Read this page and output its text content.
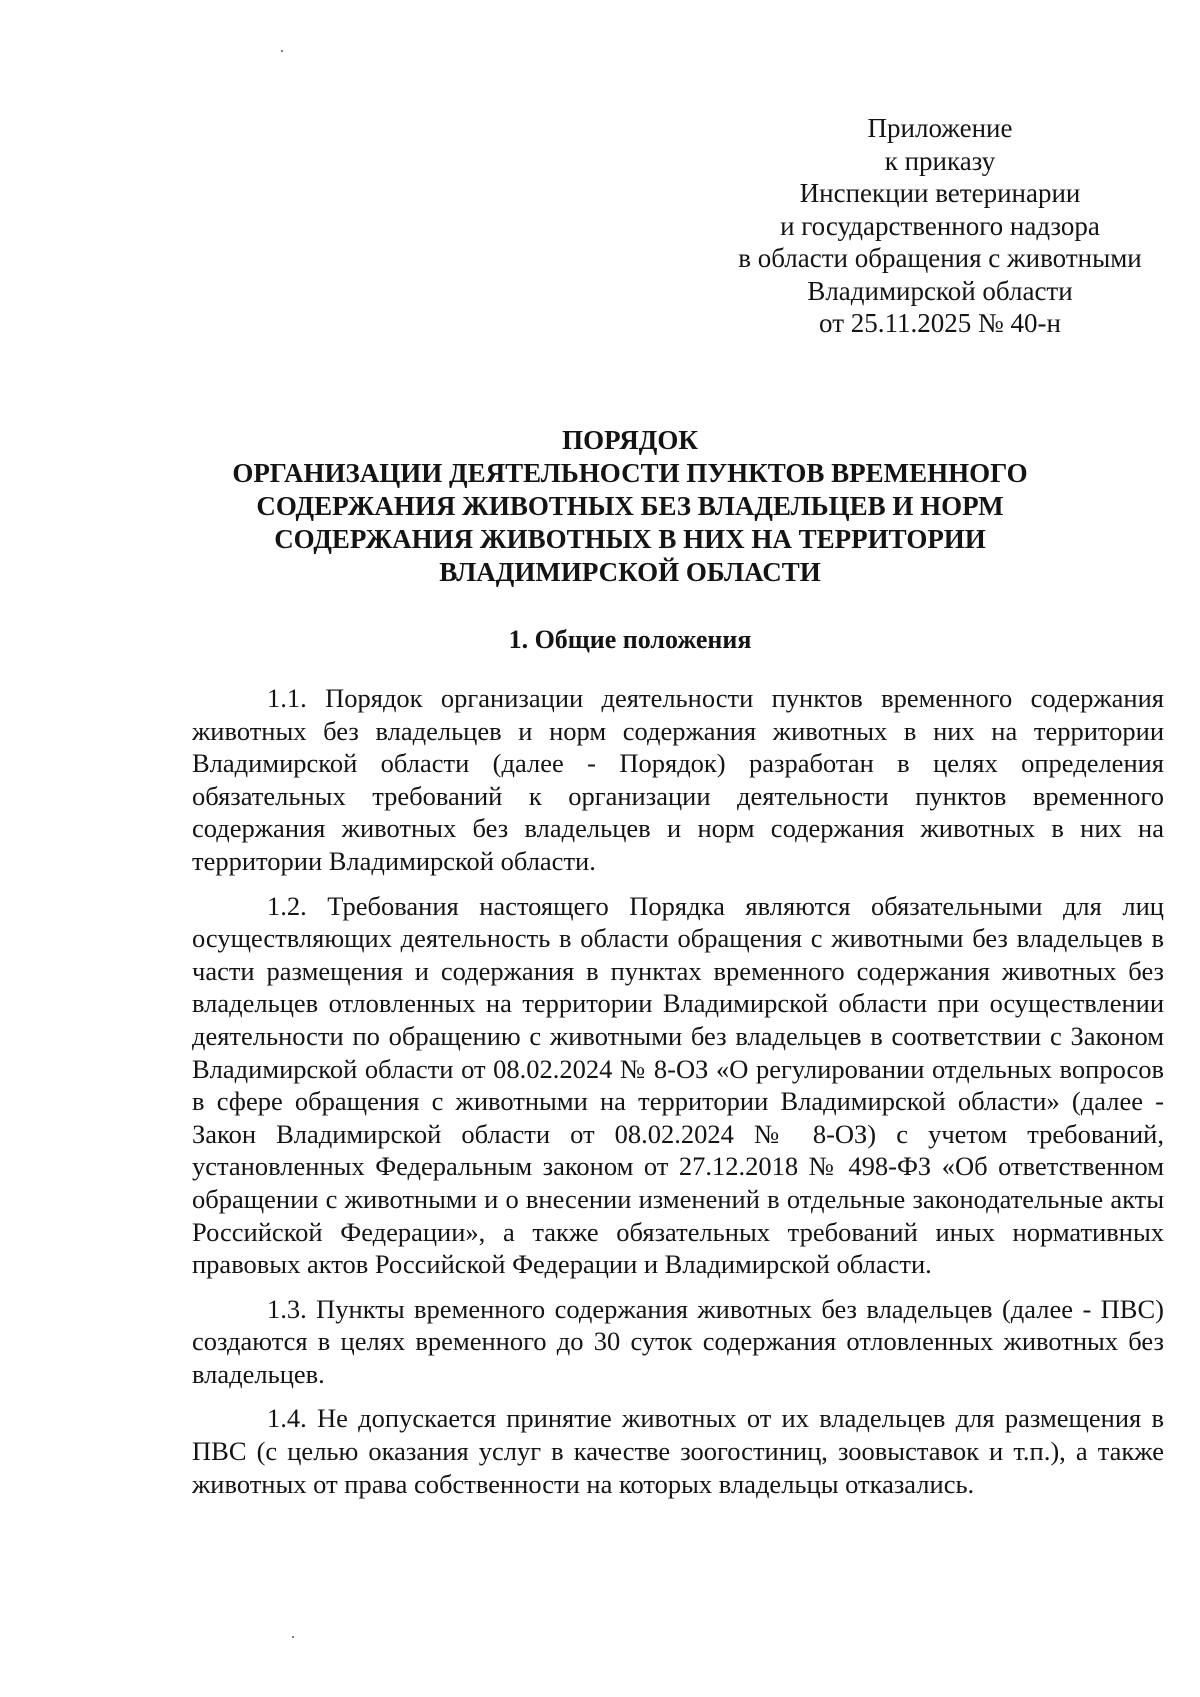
Приложение
к приказу
Инспекции ветеринарии
и государственного надзора
в области обращения с животными
Владимирской области
от 25.11.2025 № 40-н
ПОРЯДОК
ОРГАНИЗАЦИИ ДЕЯТЕЛЬНОСТИ ПУНКТОВ ВРЕМЕННОГО
СОДЕРЖАНИЯ ЖИВОТНЫХ БЕЗ ВЛАДЕЛЬЦЕВ И НОРМ
СОДЕРЖАНИЯ ЖИВОТНЫХ В НИХ НА ТЕРРИТОРИИ
ВЛАДИМИРСКОЙ ОБЛАСТИ
1. Общие положения

1.1. Порядок организации деятельности пунктов временного содержания животных без владельцев и норм содержания животных в них на территории Владимирской области (далее - Порядок) разработан в целях определения обязательных требований к организации деятельности пунктов временного содержания животных без владельцев и норм содержания животных в них на территории Владимирской области.

1.2. Требования настоящего Порядка являются обязательными для лиц осуществляющих деятельность в области обращения с животными без владельцев в части размещения и содержания в пунктах временного содержания животных без владельцев отловленных на территории Владимирской области при осуществлении деятельности по обращению с животными без владельцев в соответствии с Законом Владимирской области от 08.02.2024 № 8-ОЗ «О регулировании отдельных вопросов в сфере обращения с животными на территории Владимирской области» (далее - Закон Владимирской области от 08.02.2024 № 8-ОЗ) с учетом требований, установленных Федеральным законом от 27.12.2018 № 498-ФЗ «Об ответственном обращении с животными и о внесении изменений в отдельные законодательные акты Российской Федерации», а также обязательных требований иных нормативных правовых актов Российской Федерации и Владимирской области.

1.3. Пункты временного содержания животных без владельцев (далее - ПВС) создаются в целях временного до 30 суток содержания отловленных животных без владельцев.

1.4. Не допускается принятие животных от их владельцев для размещения в ПВС (с целью оказания услуг в качестве зоогостиниц, зоовыставок и т.п.), а также животных от права собственности на которых владельцы отказались.
